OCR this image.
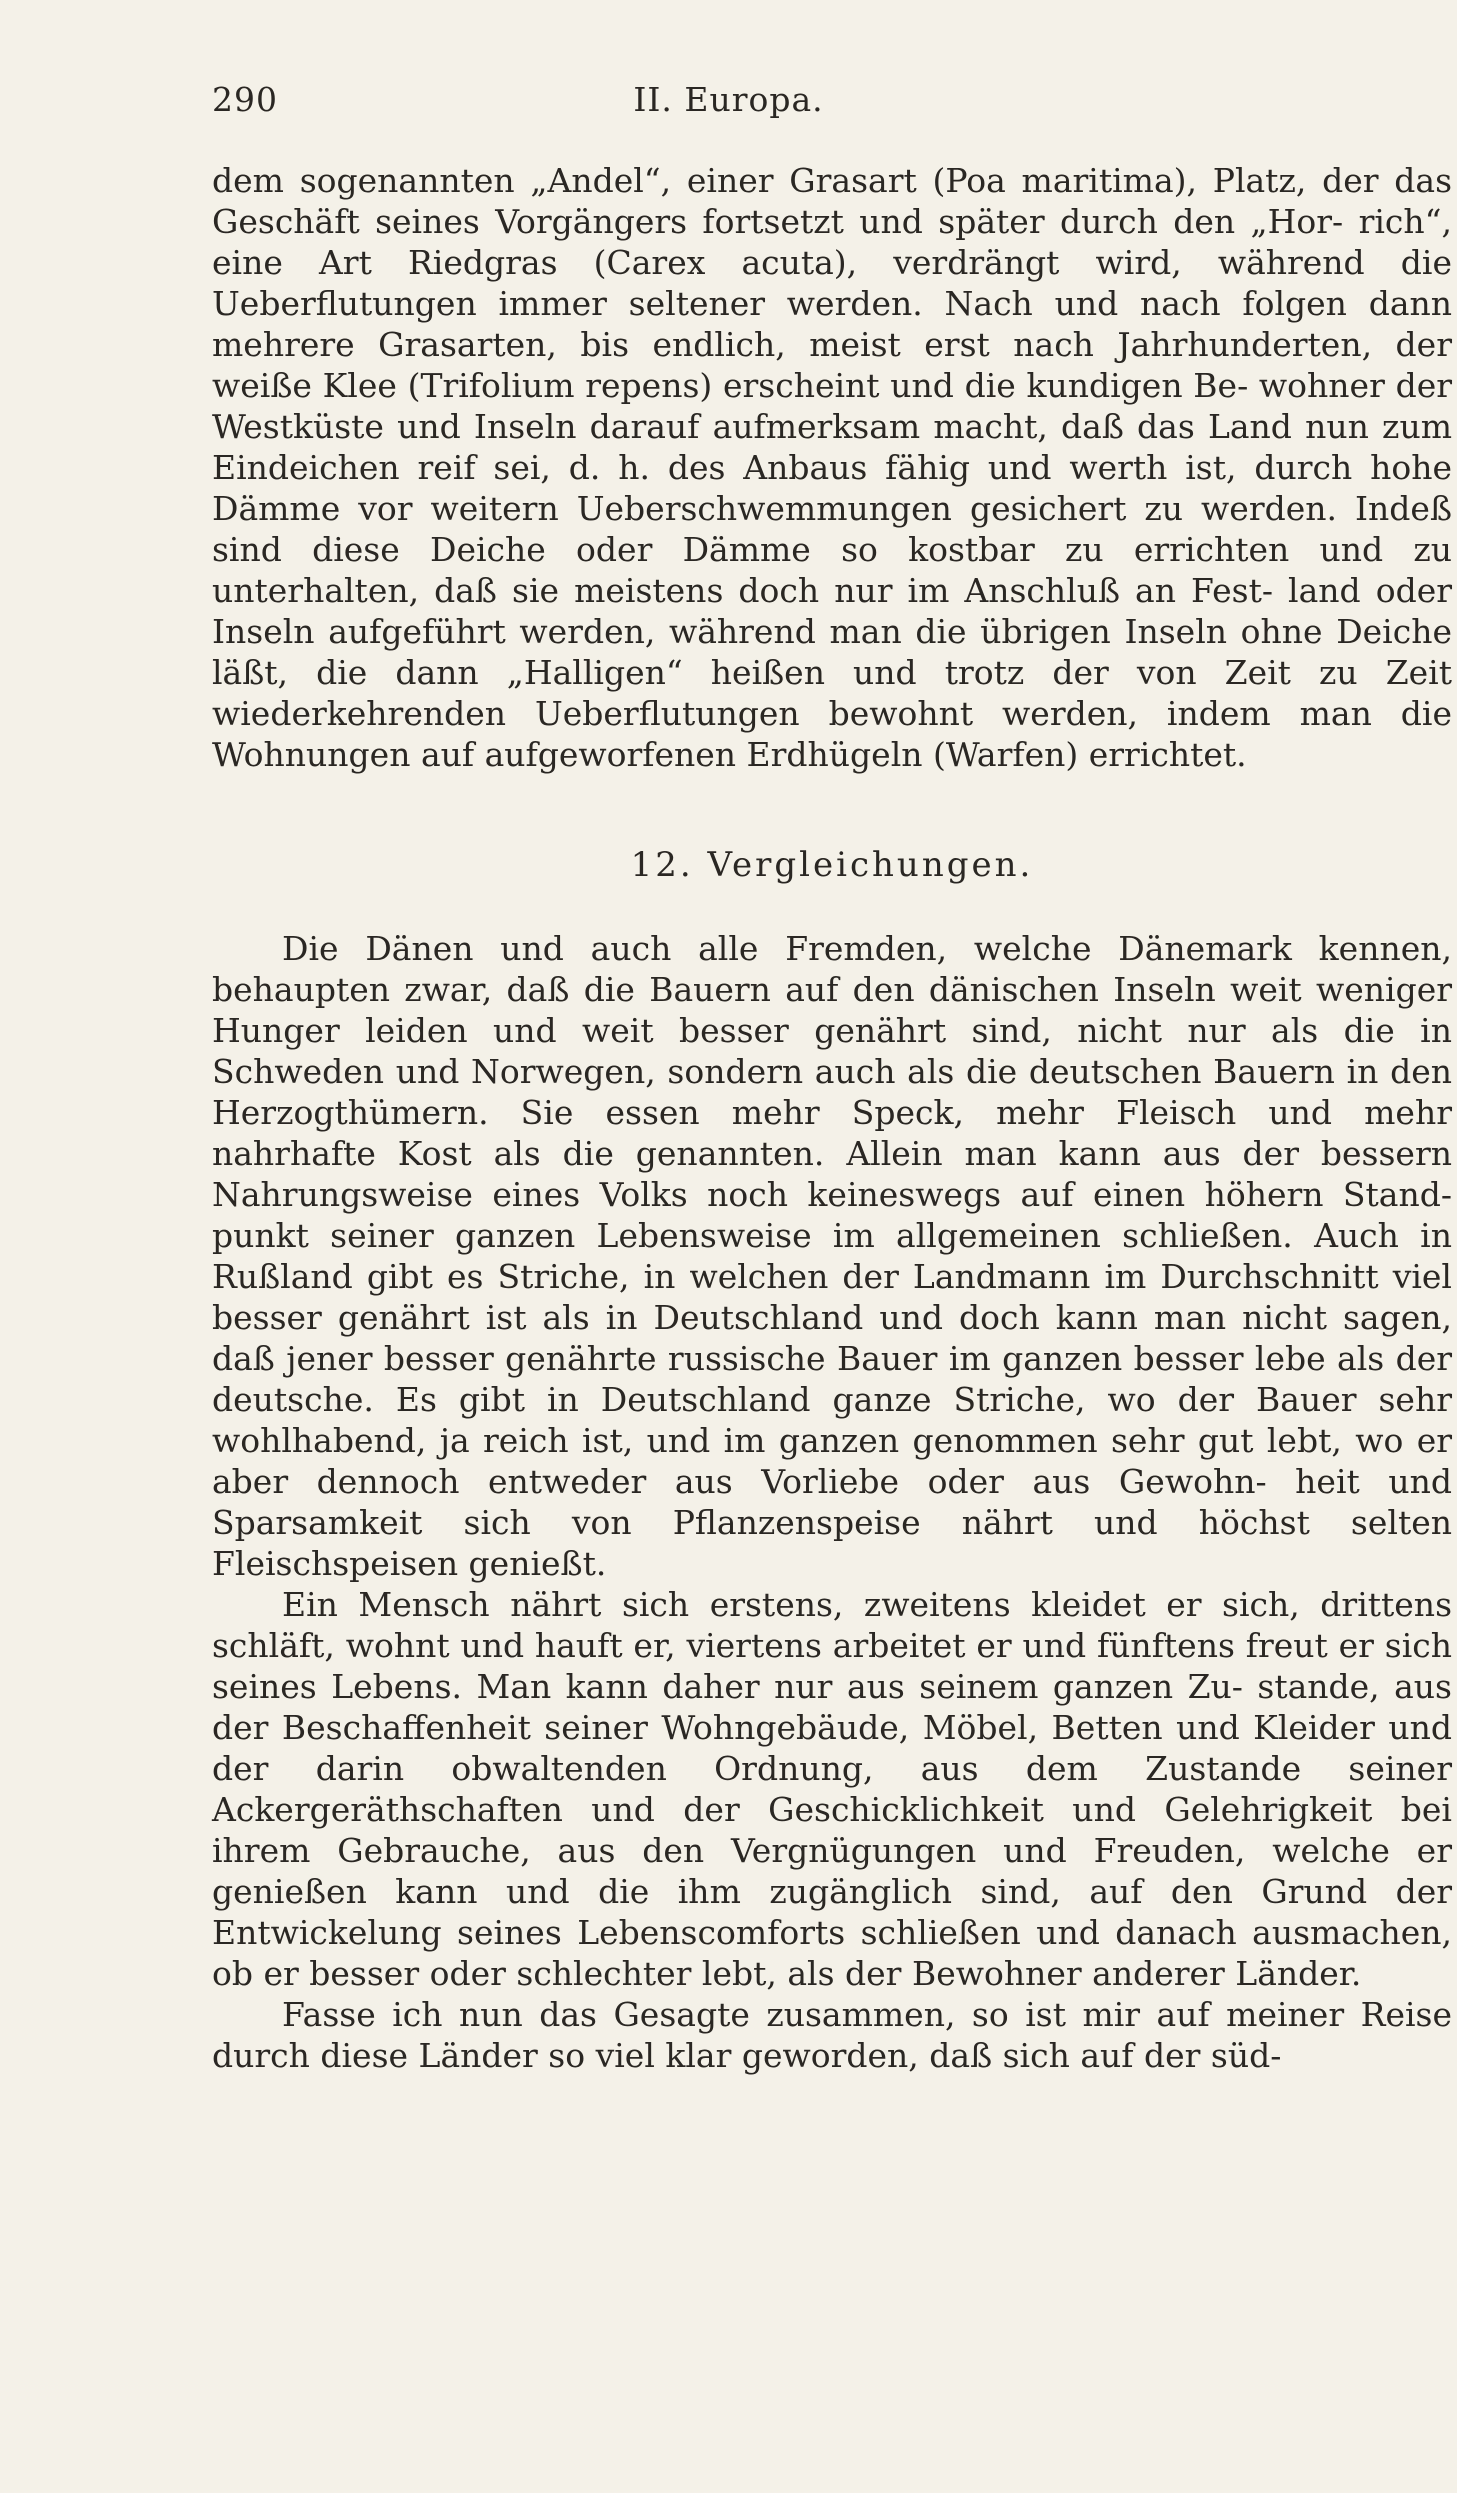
290	II. Europa.

dem sogenannten „Andel“, einer Grasart (Poa maritima), Platz, der das Geschäft seines Vorgängers fortsetzt und später durch den „Hor- rich“, eine Art Riedgras (Carex acuta), verdrängt wird, während die Ueberflutungen immer seltener werden. Nach und nach folgen dann mehrere Grasarten, bis endlich, meist erst nach Jahrhunderten, der weiße Klee (Trifolium repens) erscheint und die kundigen Be- wohner der Westküste und Inseln darauf aufmerksam macht, daß das Land nun zum Eindeichen reif sei, d. h. des Anbaus fähig und werth ist, durch hohe Dämme vor weitern Ueberschwemmungen gesichert zu werden. Indeß sind diese Deiche oder Dämme so kostbar zu errichten und zu unterhalten, daß sie meistens doch nur im Anschluß an Fest- land oder Inseln aufgeführt werden, während man die übrigen Inseln ohne Deiche läßt, die dann „Halligen“ heißen und trotz der von Zeit zu Zeit wiederkehrenden Ueberflutungen bewohnt werden, indem man die Wohnungen auf aufgeworfenen Erdhügeln (Warfen) errichtet.

12. Vergleichungen.

Die Dänen und auch alle Fremden, welche Dänemark kennen, behaupten zwar, daß die Bauern auf den dänischen Inseln weit weniger Hunger leiden und weit besser genährt sind, nicht nur als die in Schweden und Norwegen, sondern auch als die deutschen Bauern in den Herzogthümern. Sie essen mehr Speck, mehr Fleisch und mehr nahrhafte Kost als die genannten. Allein man kann aus der bessern Nahrungsweise eines Volks noch keineswegs auf einen höhern Stand- punkt seiner ganzen Lebensweise im allgemeinen schließen. Auch in Rußland gibt es Striche, in welchen der Landmann im Durchschnitt viel besser genährt ist als in Deutschland und doch kann man nicht sagen, daß jener besser genährte russische Bauer im ganzen besser lebe als der deutsche. Es gibt in Deutschland ganze Striche, wo der Bauer sehr wohlhabend, ja reich ist, und im ganzen genommen sehr gut lebt, wo er aber dennoch entweder aus Vorliebe oder aus Gewohn- heit und Sparsamkeit sich von Pflanzenspeise nährt und höchst selten Fleischspeisen genießt.

Ein Mensch nährt sich erstens, zweitens kleidet er sich, drittens schläft, wohnt und hauft er, viertens arbeitet er und fünftens freut er sich seines Lebens. Man kann daher nur aus seinem ganzen Zu- stande, aus der Beschaffenheit seiner Wohngebäude, Möbel, Betten und Kleider und der darin obwaltenden Ordnung, aus dem Zustande seiner Ackergeräthschaften und der Geschicklichkeit und Gelehrigkeit bei ihrem Gebrauche, aus den Vergnügungen und Freuden, welche er genießen kann und die ihm zugänglich sind, auf den Grund der Entwickelung seines Lebenscomforts schließen und danach ausmachen, ob er besser oder schlechter lebt, als der Bewohner anderer Länder.

Fasse ich nun das Gesagte zusammen, so ist mir auf meiner Reise durch diese Länder so viel klar geworden, daß sich auf der süd-
